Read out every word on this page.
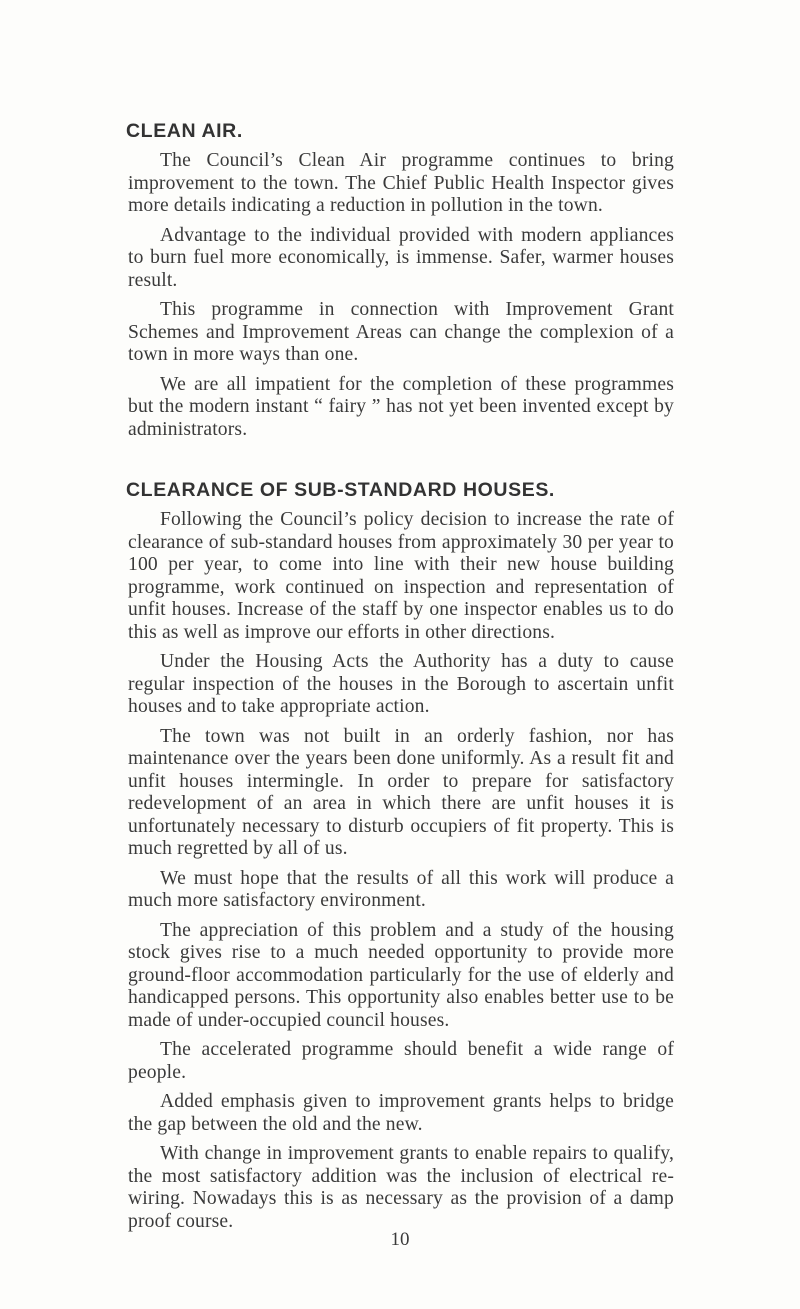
CLEAN AIR.

The Council’s Clean Air programme continues to bring improvement to the town. The Chief Public Health Inspector gives more details indicating a reduction in pollution in the town.

Advantage to the individual provided with modern appliances to burn fuel more economically, is immense. Safer, warmer houses result.

This programme in connection with Improvement Grant Schemes and Improvement Areas can change the complexion of a town in more ways than one.

We are all impatient for the completion of these programmes but the modern instant “ fairy ” has not yet been invented except by administrators.

CLEARANCE OF SUB-STANDARD HOUSES.

Following the Council’s policy decision to increase the rate of clearance of sub-standard houses from approximately 30 per year to 100 per year, to come into line with their new house building programme, work continued on inspection and representation of unfit houses. Increase of the staff by one inspector enables us to do this as well as improve our efforts in other directions.

Under the Housing Acts the Authority has a duty to cause regular inspection of the houses in the Borough to ascertain unfit houses and to take appropriate action.

The town was not built in an orderly fashion, nor has maintenance over the years been done uniformly. As a result fit and unfit houses intermingle. In order to prepare for satisfactory redevelopment of an area in which there are unfit houses it is unfortunately necessary to disturb occupiers of fit property. This is much regretted by all of us.

We must hope that the results of all this work will produce a much more satisfactory environment.

The appreciation of this problem and a study of the housing stock gives rise to a much needed opportunity to provide more ground-floor accommodation particularly for the use of elderly and handicapped persons. This opportunity also enables better use to be made of under-occupied council houses.

The accelerated programme should benefit a wide range of people.

Added emphasis given to improvement grants helps to bridge the gap between the old and the new.

With change in improvement grants to enable repairs to qualify, the most satisfactory addition was the inclusion of electrical re-wiring. Nowadays this is as necessary as the provision of a damp proof course.

10
